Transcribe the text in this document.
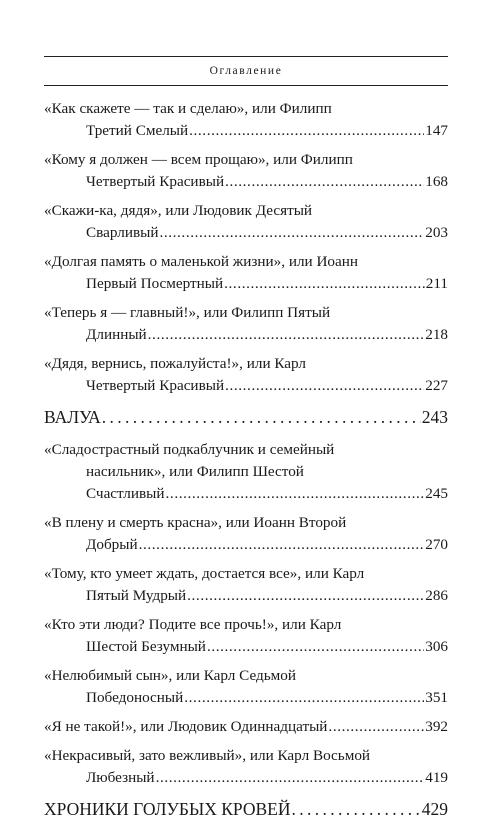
Оглавление
«Как скажете — так и сделаю», или Филипп
Третий Смелый . . .	147
«Кому я должен — всем прощаю», или Филипп
Четвертый Красивый . . .	168
«Скажи-ка, дядя», или Людовик Десятый
Сварливый . . .	203
«Долгая память о маленькой жизни», или Иоанн
Первый Посмертный . . .	211
«Теперь я — главный!», или Филипп Пятый
Длинный . . .	218
«Дядя, вернись, пожалуйста!», или Карл
Четвертый Красивый . . .	227
ВАЛУА . . .	243
«Сладострастный подкаблучник и семейный
насильник», или Филипп Шестой
Счастливый . . .	245
«В плену и смерть красна», или Иоанн Второй
Добрый . . .	270
«Тому, кто умеет ждать, достается все», или Карл
Пятый Мудрый . . .	286
«Кто эти люди? Подите все прочь!», или Карл
Шестой Безумный . . .	306
«Нелюбимый сын», или Карл Седьмой
Победоносный . . .	351
«Я не такой!», или Людовик Одиннадцатый . . .	392
«Некрасивый, зато вежливый», или Карл Восьмой
Любезный . . .	419
ХРОНИКИ ГОЛУБЫХ КРОВЕЙ . . .	429
